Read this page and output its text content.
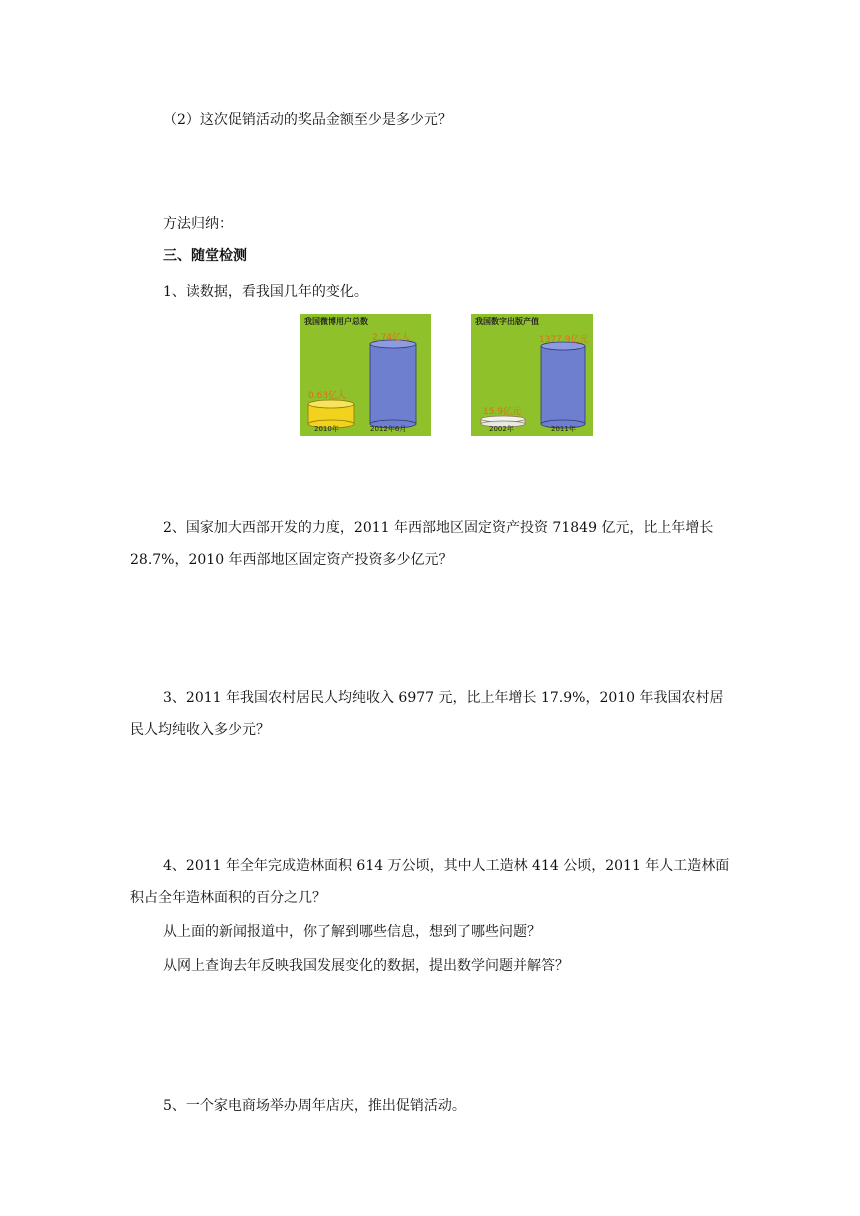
（2）这次促销活动的奖品金额至少是多少元？
方法归纳：
三、随堂检测
1、读数据，看我国几年的变化。
我国微博用户总数
0.63亿人
2.74亿人
2010年	2012年6月
我国数字出版产值
15.9亿元
1377.9亿元
2002年	2011年
2、国家加大西部开发的力度，2011 年西部地区固定资产投资 71849 亿元，比上年增长
28.7%，2010 年西部地区固定资产投资多少亿元？
3、2011 年我国农村居民人均纯收入 6977 元，比上年增长 17.9%，2010 年我国农村居
民人均纯收入多少元？
4、2011 年全年完成造林面积 614 万公顷，其中人工造林 414 公顷，2011 年人工造林面
积占全年造林面积的百分之几？
从上面的新闻报道中，你了解到哪些信息，想到了哪些问题？
从网上查询去年反映我国发展变化的数据，提出数学问题并解答？
5、一个家电商场举办周年店庆，推出促销活动。
